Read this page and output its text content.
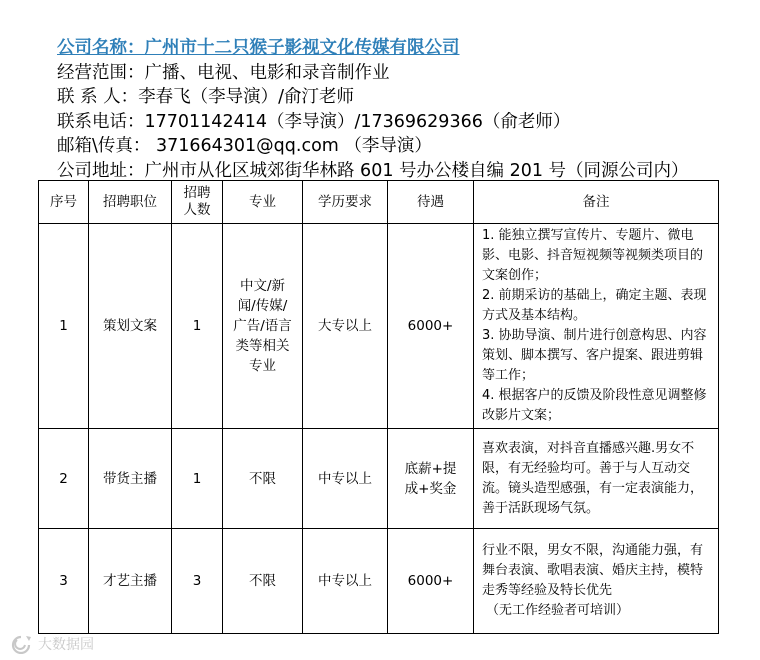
公司名称：广州市十二只猴子影视文化传媒有限公司
经营范围：广播、电视、电影和录音制作业
联 系 人：李春飞（李导演）/俞汀老师
联系电话：17701142414（李导演）/17369629366（俞老师）
邮箱\传真： 371664301@qq.com （李导演）
公司地址：广州市从化区城郊街华林路 601 号办公楼自编 201 号（同源公司内）
序号	招聘职位	招聘
人数	专业	学历要求	待遇	备注
1	策划文案	1	中文/新闻/传媒/广告/语言类等相关专业	大专以上	6000+	1. 能独立撰写宣传片、专题片、微电影、电影、抖音短视频等视频类项目的文案创作；
2. 前期采访的基础上，确定主题、表现方式及基本结构。
3. 协助导演、制片进行创意构思、内容策划、脚本撰写、客户提案、跟进剪辑等工作；
4. 根据客户的反馈及阶段性意见调整修改影片文案；

2	带货主播	1	不限	中专以上	底薪+提成+奖金	喜欢表演，对抖音直播感兴趣.男女不限，有无经验均可。善于与人互动交流。镜头造型感强，有一定表演能力，善于活跃现场气氛。
3	才艺主播	3	不限	中专以上	6000+	行业不限，男女不限，沟通能力强，有舞台表演、歌唱表演、婚庆主持，模特走秀等经验及特长优先
（无工作经验者可培训）
大数据园
